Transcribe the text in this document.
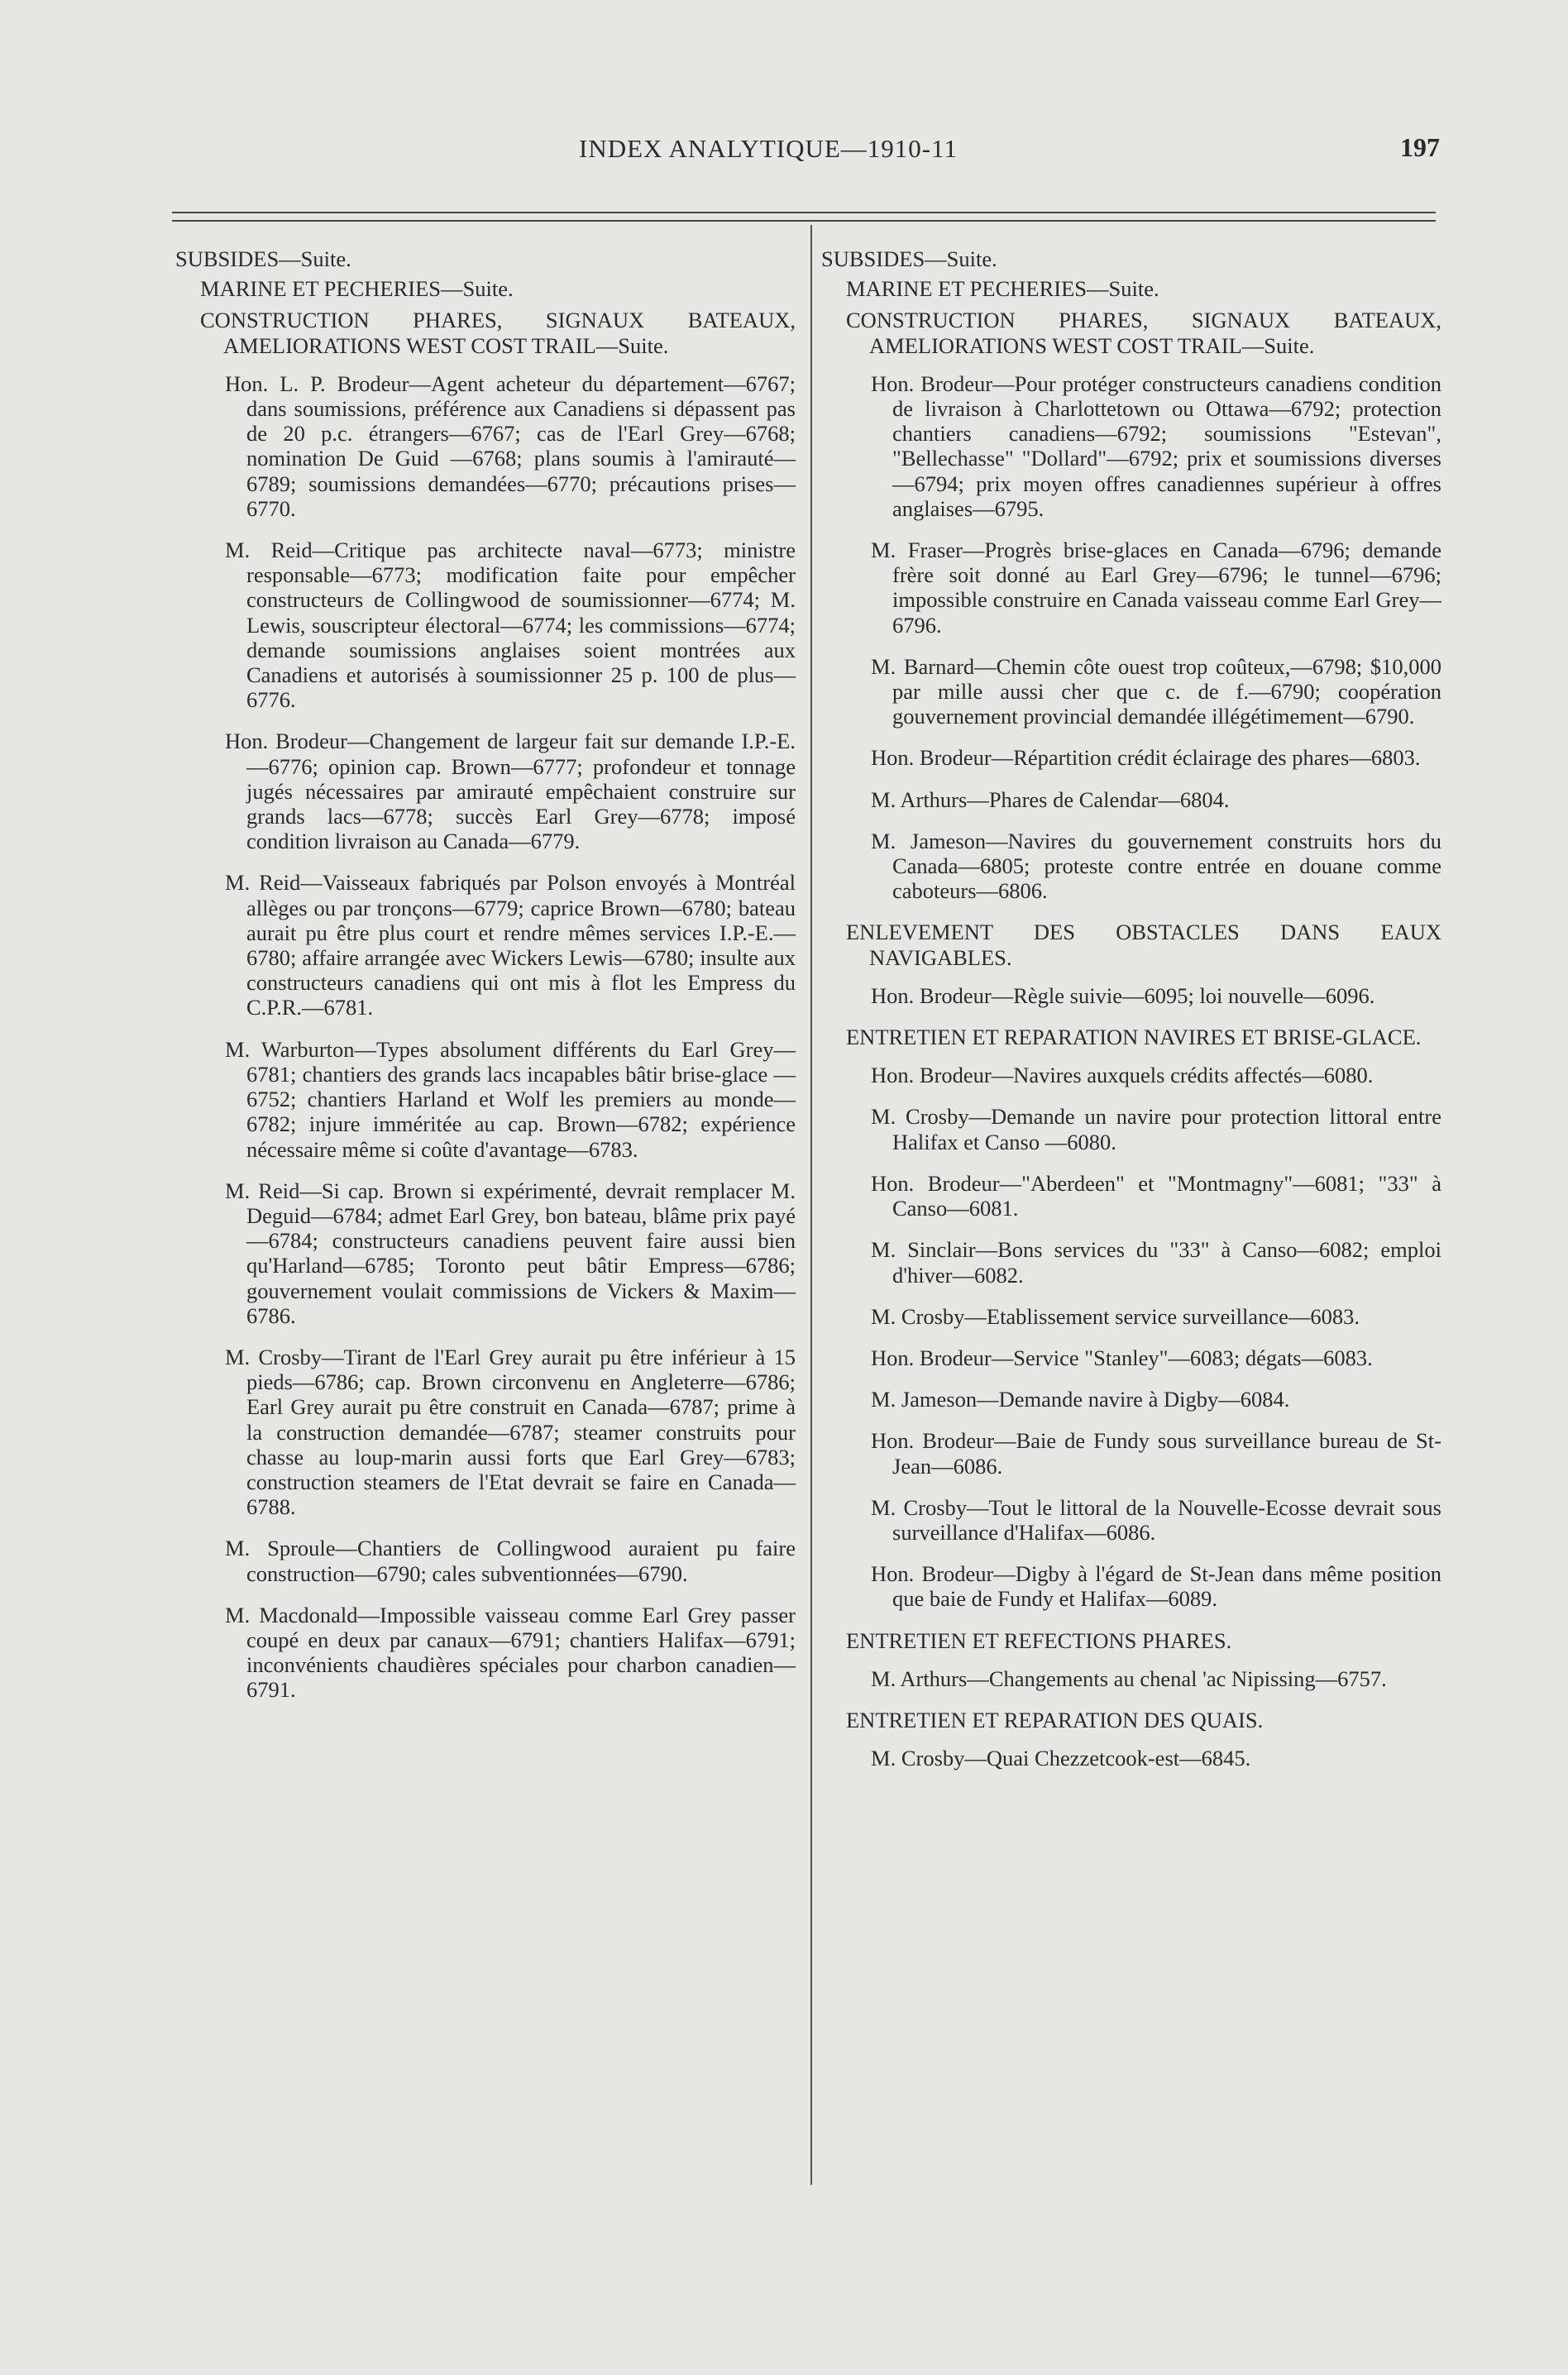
INDEX ANALYTIQUE—1910-11	197
SUBSIDES—Suite.
MARINE ET PECHERIES—Suite.
CONSTRUCTION PHARES, SIGNAUX BATEAUX, AMELIORATIONS WEST COST TRAIL—Suite.
Hon. L. P. Brodeur—Agent acheteur du département—6767; dans soumissions, préférence aux Canadiens si dépassent pas de 20 p.c. étrangers—6767; cas de l'Earl Grey—6768; nomination De Guid —6768; plans soumis à l'amirauté—6789; soumissions demandées—6770; précautions prises—6770.
M. Reid—Critique pas architecte naval—6773; ministre responsable—6773; modification faite pour empêcher constructeurs de Collingwood de soumissionner—6774; M. Lewis, souscripteur électoral—6774; les commissions—6774; demande soumissions anglaises soient montrées aux Canadiens et autorisés à soumissionner 25 p. 100 de plus—6776.
Hon. Brodeur—Changement de largeur fait sur demande I.P.-E.—6776; opinion cap. Brown—6777; profondeur et tonnage jugés nécessaires par amirauté empêchaient construire sur grands lacs—6778; succès Earl Grey—6778; imposé condition livraison au Canada—6779.
M. Reid—Vaisseaux fabriqués par Polson envoyés à Montréal allèges ou par tronçons—6779; caprice Brown—6780; bateau aurait pu être plus court et rendre mêmes services I.P.-E.—6780; affaire arrangée avec Wickers Lewis—6780; insulte aux constructeurs canadiens qui ont mis à flot les Empress du C.P.R.—6781.
M. Warburton—Types absolument différents du Earl Grey—6781; chantiers des grands lacs incapables bâtir brise-glace —6752; chantiers Harland et Wolf les premiers au monde—6782; injure imméritée au cap. Brown—6782; expérience nécessaire même si coûte d'avantage—6783.
M. Reid—Si cap. Brown si expérimenté, devrait remplacer M. Deguid—6784; admet Earl Grey, bon bateau, blâme prix payé—6784; constructeurs canadiens peuvent faire aussi bien qu'Harland—6785; Toronto peut bâtir Empress—6786; gouvernement voulait commissions de Vickers & Maxim—6786.
M. Crosby—Tirant de l'Earl Grey aurait pu être inférieur à 15 pieds—6786; cap. Brown circonvenu en Angleterre—6786; Earl Grey aurait pu être construit en Canada—6787; prime à la construction demandée—6787; steamer construits pour chasse au loup-marin aussi forts que Earl Grey—6783; construction steamers de l'Etat devrait se faire en Canada—6788.
M. Sproule—Chantiers de Collingwood auraient pu faire construction—6790; cales subventionnées—6790.
M. Macdonald—Impossible vaisseau comme Earl Grey passer coupé en deux par canaux—6791; chantiers Halifax—6791; inconvénients chaudières spéciales pour charbon canadien—6791.
SUBSIDES—Suite.
MARINE ET PECHERIES—Suite.
CONSTRUCTION PHARES, SIGNAUX BATEAUX, AMELIORATIONS WEST COST TRAIL—Suite.
Hon. Brodeur—Pour protéger constructeurs canadiens condition de livraison à Charlottetown ou Ottawa—6792; protection chantiers canadiens—6792; soumissions "Estevan", "Bellechasse" "Dollard"—6792; prix et soumissions diverses—6794; prix moyen offres canadiennes supérieur à offres anglaises—6795.
M. Fraser—Progrès brise-glaces en Canada—6796; demande frère soit donné au Earl Grey—6796; le tunnel—6796; impossible construire en Canada vaisseau comme Earl Grey—6796.
M. Barnard—Chemin côte ouest trop coûteux,—6798; $10,000 par mille aussi cher que c. de f.—6790; coopération gouvernement provincial demandée illégétimement—6790.
Hon. Brodeur—Répartition crédit éclairage des phares—6803.
M. Arthurs—Phares de Calendar—6804.
M. Jameson—Navires du gouvernement construits hors du Canada—6805; proteste contre entrée en douane comme caboteurs—6806.
ENLEVEMENT DES OBSTACLES DANS EAUX NAVIGABLES.
Hon. Brodeur—Règle suivie—6095; loi nouvelle—6096.
ENTRETIEN ET REPARATION NAVIRES ET BRISE-GLACE.
Hon. Brodeur—Navires auxquels crédits affectés—6080.
M. Crosby—Demande un navire pour protection littoral entre Halifax et Canso —6080.
Hon. Brodeur—"Aberdeen" et "Montmagny"—6081; "33" à Canso—6081.
M. Sinclair—Bons services du "33" à Canso—6082; emploi d'hiver—6082.
M. Crosby—Etablissement service surveillance—6083.
Hon. Brodeur—Service "Stanley"—6083; dégats—6083.
M. Jameson—Demande navire à Digby—6084.
Hon. Brodeur—Baie de Fundy sous surveillance bureau de St-Jean—6086.
M. Crosby—Tout le littoral de la Nouvelle-Ecosse devrait sous surveillance d'Halifax—6086.
Hon. Brodeur—Digby à l'égard de St-Jean dans même position que baie de Fundy et Halifax—6089.
ENTRETIEN ET REFECTIONS PHARES.
M. Arthurs—Changements au chenal 'ac Nipissing—6757.
ENTRETIEN ET REPARATION DES QUAIS.
M. Crosby—Quai Chezzetcook-est—6845.
